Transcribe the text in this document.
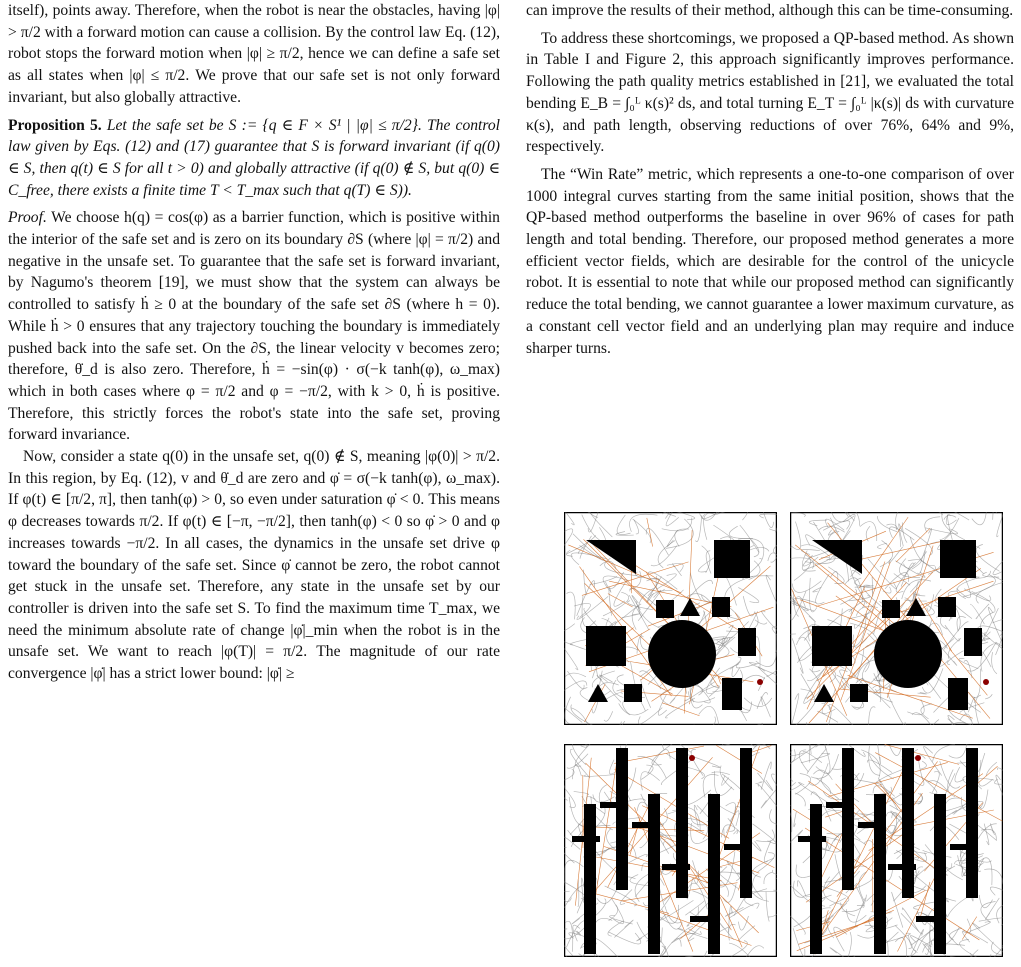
itself), points away. Therefore, when the robot is near the obstacles, having |φ| > π/2 with a forward motion can cause a collision. By the control law Eq. (12), robot stops the forward motion when |φ| ≥ π/2, hence we can define a safe set as all states when |φ| ≤ π/2. We prove that our safe set is not only forward invariant, but also globally attractive.

Proposition 5. Let the safe set be S := {q ∈ F × S¹ | |φ| ≤ π/2}. The control law given by Eqs. (12) and (17) guarantee that S is forward invariant (if q(0) ∈ S, then q(t) ∈ S for all t > 0) and globally attractive (if q(0) ∉ S, but q(0) ∈ C_free, there exists a finite time T < T_max such that q(T) ∈ S)).
Proof. We choose h(q) = cos(φ) as a barrier function, which is positive within the interior of the safe set and is zero on its boundary ∂S (where |φ| = π/2) and negative in the unsafe set. To guarantee that the safe set is forward invariant, by Nagumo's theorem [19], we must show that the system can always be controlled to satisfy ḣ ≥ 0 at the boundary of the safe set ∂S (where h = 0). While ḣ > 0 ensures that any trajectory touching the boundary is immediately pushed back into the safe set. On the ∂S, the linear velocity v becomes zero; therefore, θ̇_d is also zero. Therefore, ḣ = −sin(φ) · σ(−k tanh(φ), ω_max) which in both cases where φ = π/2 and φ = −π/2, with k > 0, ḣ is positive. Therefore, this strictly forces the robot's state into the safe set, proving forward invariance.

Now, consider a state q(0) in the unsafe set, q(0) ∉ S, meaning |φ(0)| > π/2. In this region, by Eq. (12), v and θ̇_d are zero and φ̇ = σ(−k tanh(φ), ω_max). If φ(t) ∈ [π/2, π], then tanh(φ) > 0, so even under saturation φ̇ < 0. This means φ decreases towards π/2. If φ(t) ∈ [−π, −π/2], then tanh(φ) < 0 so φ̇ > 0 and φ increases towards −π/2. In all cases, the dynamics in the unsafe set drive φ toward the boundary of the safe set. Since φ̇ cannot be zero, the robot cannot get stuck in the unsafe set. Therefore, any state in the unsafe set by our controller is driven into the safe set S. To find the maximum time T_max, we need the minimum absolute rate of change |φ̇|_min when the robot is in the unsafe set. We want to reach |φ(T)| = π/2. The magnitude of our rate convergence |φ̇| has a strict lower bound: |φ̇| ≥

can improve the results of their method, although this can be time-consuming.

To address these shortcomings, we proposed a QP-based method. As shown in Table I and Figure 2, this approach significantly improves performance. Following the path quality metrics established in [21], we evaluated the total bending E_B = ∫₀ᴸ κ(s)² ds, and total turning E_T = ∫₀ᴸ |κ(s)| ds with curvature κ(s), and path length, observing reductions of over 76%, 64% and 9%, respectively.

The “Win Rate” metric, which represents a one-to-one comparison of over 1000 integral curves starting from the same initial position, shows that the QP-based method outperforms the baseline in over 96% of cases for path length and total bending. Therefore, our proposed method generates a more efficient vector fields, which are desirable for the control of the unicycle robot. It is essential to note that while our proposed method can significantly reduce the total bending, we cannot guarantee a lower maximum curvature, as a constant cell vector field and an underlying plan may require and induce sharper turns.
